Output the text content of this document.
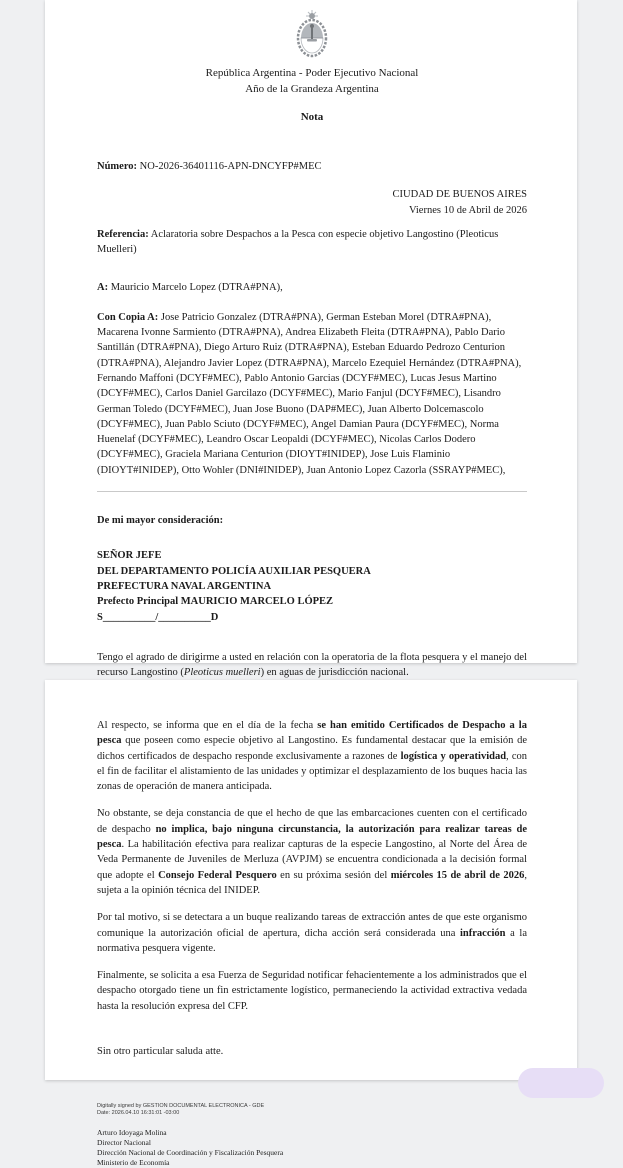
República Argentina - Poder Ejecutivo Nacional
Año de la Grandeza Argentina
Nota

Número: NO-2026-36401116-APN-DNCYFP#MEC

CIUDAD DE BUENOS AIRES
Viernes 10 de Abril de 2026

Referencia: Aclaratoria sobre Despachos a la Pesca con especie objetivo Langostino (Pleoticus Muelleri)

A: Mauricio Marcelo Lopez (DTRA#PNA),

Con Copia A: Jose Patricio Gonzalez (DTRA#PNA), German Esteban Morel (DTRA#PNA), Macarena Ivonne Sarmiento (DTRA#PNA), Andrea Elizabeth Fleita (DTRA#PNA), Pablo Dario Santillán (DTRA#PNA), Diego Arturo Ruiz (DTRA#PNA), Esteban Eduardo Pedrozo Centurion (DTRA#PNA), Alejandro Javier Lopez (DTRA#PNA), Marcelo Ezequiel Hernández (DTRA#PNA), Fernando Maffoni (DCYF#MEC), Pablo Antonio Garcias (DCYF#MEC), Lucas Jesus Martino (DCYF#MEC), Carlos Daniel Garcilazo (DCYF#MEC), Mario Fanjul (DCYF#MEC), Lisandro German Toledo (DCYF#MEC), Juan Jose Buono (DAP#MEC), Juan Alberto Dolcemascolo (DCYF#MEC), Juan Pablo Sciuto (DCYF#MEC), Angel Damian Paura (DCYF#MEC), Norma Huenelaf (DCYF#MEC), Leandro Oscar Leopaldi (DCYF#MEC), Nicolas Carlos Dodero (DCYF#MEC), Graciela Mariana Centurion (DIOYT#INIDEP), Jose Luis Flaminio (DIOYT#INIDEP), Otto Wohler (DNI#INIDEP), Juan Antonio Lopez Cazorla (SSRAYP#MEC),

De mi mayor consideración:

SEÑOR JEFE
DEL DEPARTAMENTO POLICÍA AUXILIAR PESQUERA
PREFECTURA NAVAL ARGENTINA
Prefecto Principal MAURICIO MARCELO LÓPEZ
S__________/__________D

Tengo el agrado de dirigirme a usted en relación con la operatoria de la flota pesquera y el manejo del recurso Langostino (Pleoticus muelleri) en aguas de jurisdicción nacional.

Al respecto, se informa que en el día de la fecha se han emitido Certificados de Despacho a la pesca que poseen como especie objetivo al Langostino. Es fundamental destacar que la emisión de dichos certificados de despacho responde exclusivamente a razones de logística y operatividad, con el fin de facilitar el alistamiento de las unidades y optimizar el desplazamiento de los buques hacia las zonas de operación de manera anticipada.

No obstante, se deja constancia de que el hecho de que las embarcaciones cuenten con el certificado de despacho no implica, bajo ninguna circunstancia, la autorización para realizar tareas de pesca. La habilitación efectiva para realizar capturas de la especie Langostino, al Norte del Área de Veda Permanente de Juveniles de Merluza (AVPJM) se encuentra condicionada a la decisión formal que adopte el Consejo Federal Pesquero en su próxima sesión del miércoles 15 de abril de 2026, sujeta a la opinión técnica del INIDEP.

Por tal motivo, si se detectara a un buque realizando tareas de extracción antes de que este organismo comunique la autorización oficial de apertura, dicha acción será considerada una infracción a la normativa pesquera vigente.

Finalmente, se solicita a esa Fuerza de Seguridad notificar fehacientemente a los administrados que el despacho otorgado tiene un fin estrictamente logístico, permaneciendo la actividad extractiva vedada hasta la resolución expresa del CFP.

Sin otro particular saluda atte.

Digitally signed by GESTION DOCUMENTAL ELECTRONICA - GDE
Date: 2026.04.10 16:31:01 -03:00
Arturo Idoyaga Molina
Director Nacional
Dirección Nacional de Coordinación y Fiscalización Pesquera
Ministerio de Economía
